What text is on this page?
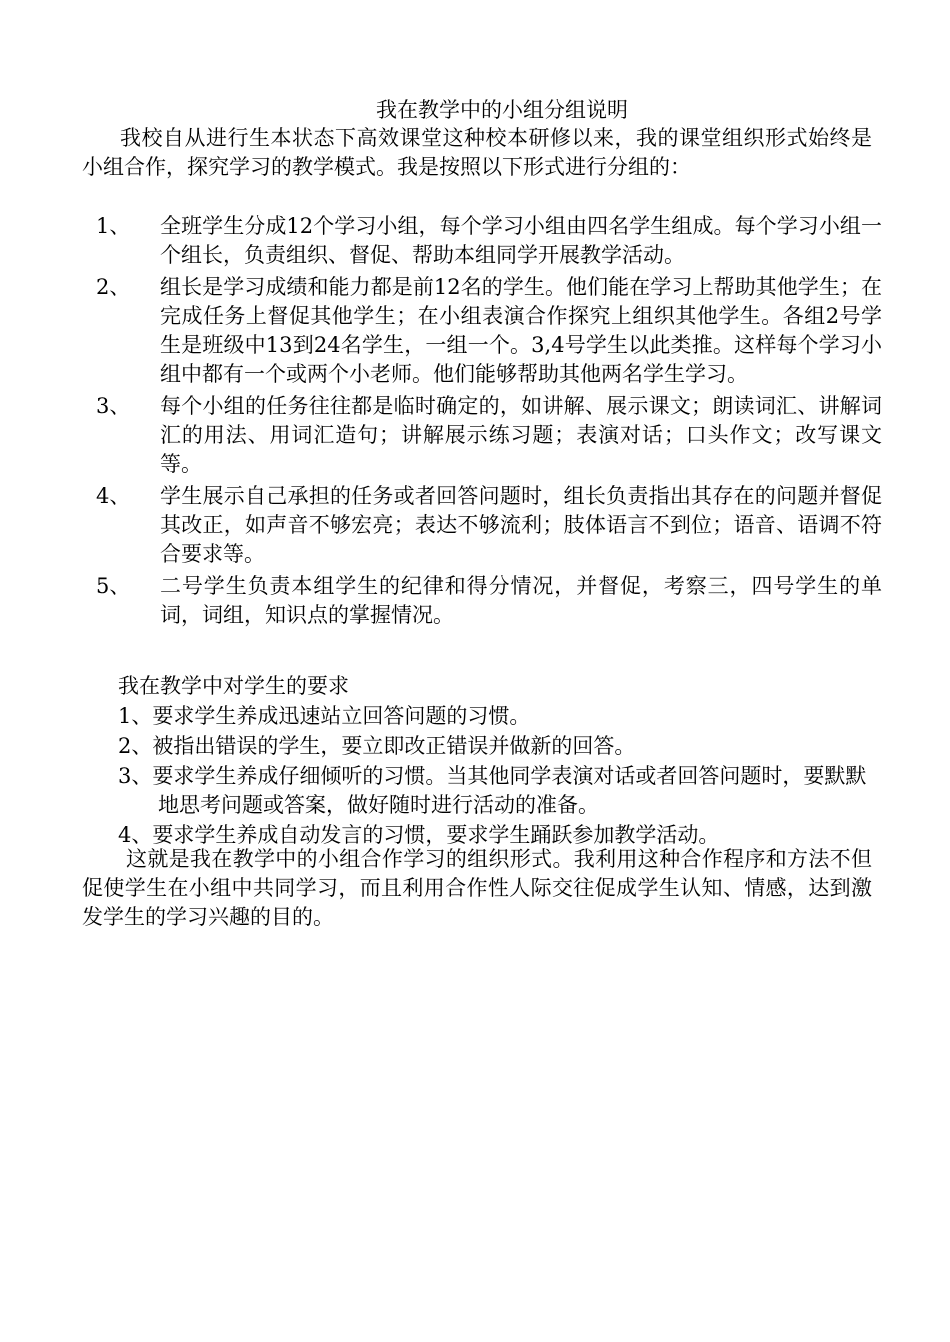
我在教学中的小组分组说明

我校自从进行生本状态下高效课堂这种校本研修以来，我的课堂组织形式始终是小组合作，探究学习的教学模式。我是按照以下形式进行分组的：

1、 全班学生分成12个学习小组，每个学习小组由四名学生组成。每个学习小组一个组长，负责组织、督促、帮助本组同学开展教学活动。
2、 组长是学习成绩和能力都是前12名的学生。他们能在学习上帮助其他学生；在完成任务上督促其他学生；在小组表演合作探究上组织其他学生。各组2号学生是班级中13到24名学生，一组一个。3,4号学生以此类推。这样每个学习小组中都有一个或两个小老师。他们能够帮助其他两名学生学习。
3、 每个小组的任务往往都是临时确定的，如讲解、展示课文；朗读词汇、讲解词汇的用法、用词汇造句；讲解展示练习题；表演对话；口头作文；改写课文等。
4、 学生展示自己承担的任务或者回答问题时，组长负责指出其存在的问题并督促其改正，如声音不够宏亮；表达不够流利；肢体语言不到位；语音、语调不符合要求等。
5、 二号学生负责本组学生的纪律和得分情况，并督促，考察三，四号学生的单词，词组，知识点的掌握情况。
我在教学中对学生的要求
1、要求学生养成迅速站立回答问题的习惯。
2、被指出错误的学生，要立即改正错误并做新的回答。
3、要求学生养成仔细倾听的习惯。当其他同学表演对话或者回答问题时，要默默地思考问题或答案，做好随时进行活动的准备。
4、要求学生养成自动发言的习惯，要求学生踊跃参加教学活动。

这就是我在教学中的小组合作学习的组织形式。我利用这种合作程序和方法不但促使学生在小组中共同学习，而且利用合作性人际交往促成学生认知、情感，达到激发学生的学习兴趣的目的。
